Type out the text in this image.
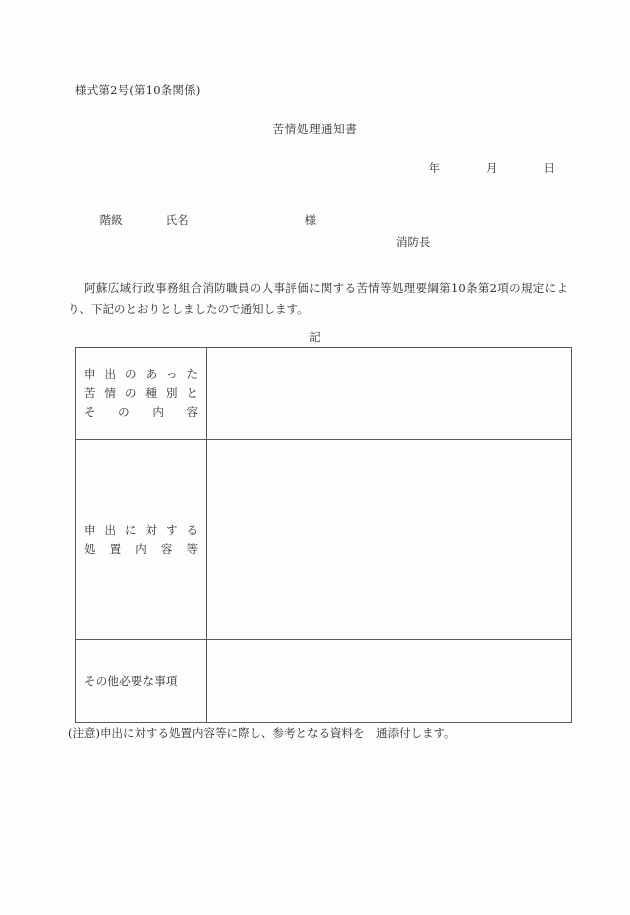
様式第2号(第10条関係)
苦情処理通知書
年　　　　月　　　　日

階級	氏名	様

消防長
阿蘇広域行政事務組合消防職員の人事評価に関する苦情等処理要綱第10条第2項の規定により、下記のとおりとしましたので通知します。
記
申出のあった
苦情の種別と
その内容	

申出に対する
処置内容等	

その他必要な事項	

(注意)申出に対する処置内容等に際し、参考となる資料を　通添付します。
